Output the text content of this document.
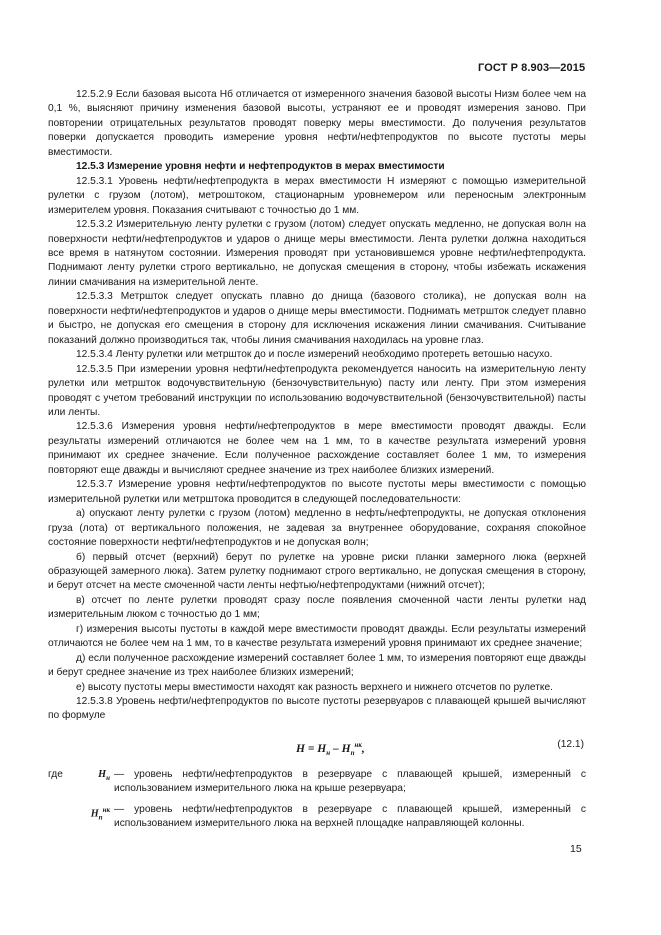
ГОСТ Р 8.903—2015

12.5.2.9 Если базовая высота Hб отличается от измеренного значения базовой высоты Hизм более чем на 0,1 %, выясняют причину изменения базовой высоты, устраняют ее и проводят измерения заново. При повторении отрицательных результатов проводят поверку меры вместимости. До получения результатов поверки допускается проводить измерение уровня нефти/нефтепродуктов по высоте пустоты меры вместимости.

12.5.3 Измерение уровня нефти и нефтепродуктов в мерах вместимости

12.5.3.1 Уровень нефти/нефтепродукта в мерах вместимости H измеряют с помощью измерительной рулетки с грузом (лотом), метроштоком, стационарным уровнемером или переносным электронным измерителем уровня. Показания считывают с точностью до 1 мм.

12.5.3.2 Измерительную ленту рулетки с грузом (лотом) следует опускать медленно, не допуская волн на поверхности нефти/нефтепродуктов и ударов о днище меры вместимости. Лента рулетки должна находиться все время в натянутом состоянии. Измерения проводят при установившемся уровне нефти/нефтепродукта. Поднимают ленту рулетки строго вертикально, не допуская смещения в сторону, чтобы избежать искажения линии смачивания на измерительной ленте.

12.5.3.3 Метршток следует опускать плавно до днища (базового столика), не допуская волн на поверхности нефти/нефтепродуктов и ударов о днище меры вместимости. Поднимать метршток следует плавно и быстро, не допуская его смещения в сторону для исключения искажения линии смачивания. Считывание показаний должно производиться так, чтобы линия смачивания находилась на уровне глаз.

12.5.3.4 Ленту рулетки или метршток до и после измерений необходимо протереть ветошью насухо.

12.5.3.5 При измерении уровня нефти/нефтепродукта рекомендуется наносить на измерительную ленту рулетки или метршток водочувствительную (бензочувствительную) пасту или ленту. При этом измерения проводят с учетом требований инструкции по использованию водочувствительной (бензочувствительной) пасты или ленты.

12.5.3.6 Измерения уровня нефти/нефтепродуктов в мере вместимости проводят дважды. Если результаты измерений отличаются не более чем на 1 мм, то в качестве результата измерений уровня принимают их среднее значение. Если полученное расхождение составляет более 1 мм, то измерения повторяют еще дважды и вычисляют среднее значение из трех наиболее близких измерений.

12.5.3.7 Измерение уровня нефти/нефтепродуктов по высоте пустоты меры вместимости с помощью измерительной рулетки или метрштока проводится в следующей последовательности:

а) опускают ленту рулетки с грузом (лотом) медленно в нефть/нефтепродукты, не допуская отклонения груза (лота) от вертикального положения, не задевая за внутреннее оборудование, сохраняя спокойное состояние поверхности нефти/нефтепродуктов и не допуская волн;

б) первый отсчет (верхний) берут по рулетке на уровне риски планки замерного люка (верхней образующей замерного люка). Затем рулетку поднимают строго вертикально, не допуская смещения в сторону, и берут отсчет на месте смоченной части ленты нефтью/нефтепродуктами (нижний отсчет);

в) отсчет по ленте рулетки проводят сразу после появления смоченной части ленты рулетки над измерительным люком с точностью до 1 мм;

г) измерения высоты пустоты в каждой мере вместимости проводят дважды. Если результаты измерений отличаются не более чем на 1 мм, то в качестве результата измерений уровня принимают их среднее значение;

д) если полученное расхождение измерений составляет более 1 мм, то измерения повторяют еще дважды и берут среднее значение из трех наиболее близких измерений;

е) высоту пустоты меры вместимости находят как разность верхнего и нижнего отсчетов по рулетке.

12.5.3.8 Уровень нефти/нефтепродуктов по высоте пустоты резервуаров с плавающей крышей вычисляют по формуле

$H = H_н - H_п^{нк}$,	(12.1)
где	$H_н$ — уровень нефти/нефтепродуктов в резервуаре с плавающей крышей, измеренный с использованием измерительного люка на крыше резервуара;
$H_п^{нк}$ — уровень нефти/нефтепродуктов в резервуаре с плавающей крышей, измеренный с использованием измерительного люка на верхней площадке направляющей колонны.
15
